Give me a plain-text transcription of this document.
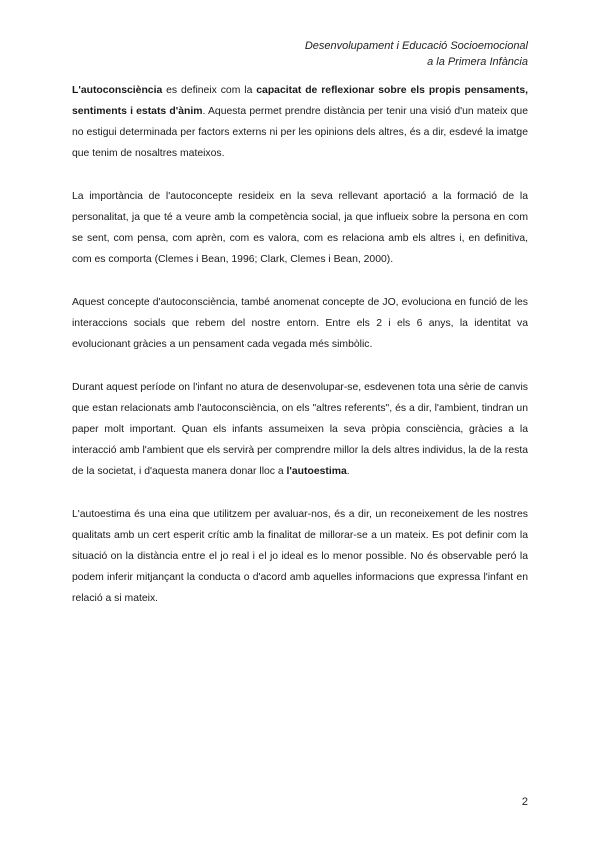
Desenvolupament i Educació Socioemocional
a la Primera Infància

L'autoconsciència es defineix com la capacitat de reflexionar sobre els propis pensaments, sentiments i estats d'ànim. Aquesta permet prendre distància per tenir una visió d'un mateix que no estigui determinada per factors externs ni per les opinions dels altres, és a dir, esdevé la imatge que tenim de nosaltres mateixos.

La importància de l'autoconcepte resideix en la seva rellevant aportació a la formació de la personalitat, ja que té a veure amb la competència social, ja que influeix sobre la persona en com se sent, com pensa, com aprèn, com es valora, com es relaciona amb els altres i, en definitiva, com es comporta (Clemes i Bean, 1996; Clark, Clemes i Bean, 2000).

Aquest concepte d'autoconsciència, també anomenat concepte de JO, evoluciona en funció de les interaccions socials que rebem del nostre entorn. Entre els 2 i els 6 anys, la identitat va evolucionant gràcies a un pensament cada vegada més simbòlic.

Durant aquest període on l'infant no atura de desenvolupar-se, esdevenen tota una sèrie de canvis que estan relacionats amb l'autoconsciència, on els "altres referents", és a dir, l'ambient, tindran un paper molt important. Quan els infants assumeixen la seva pròpia consciència, gràcies a la interacció amb l'ambient que els servirà per comprendre millor la dels altres individus, la de la resta de la societat, i d'aquesta manera donar lloc a l'autoestima.

L'autoestima és una eina que utilitzem per avaluar-nos, és a dir, un reconeixement de les nostres qualitats amb un cert esperit crític amb la finalitat de millorar-se a un mateix. Es pot definir com la situació on la distància entre el jo real i el jo ideal es lo menor possible. No és observable peró la podem inferir mitjançant la conducta o d'acord amb aquelles informacions que expressa l'infant en relació a si mateix.

2
